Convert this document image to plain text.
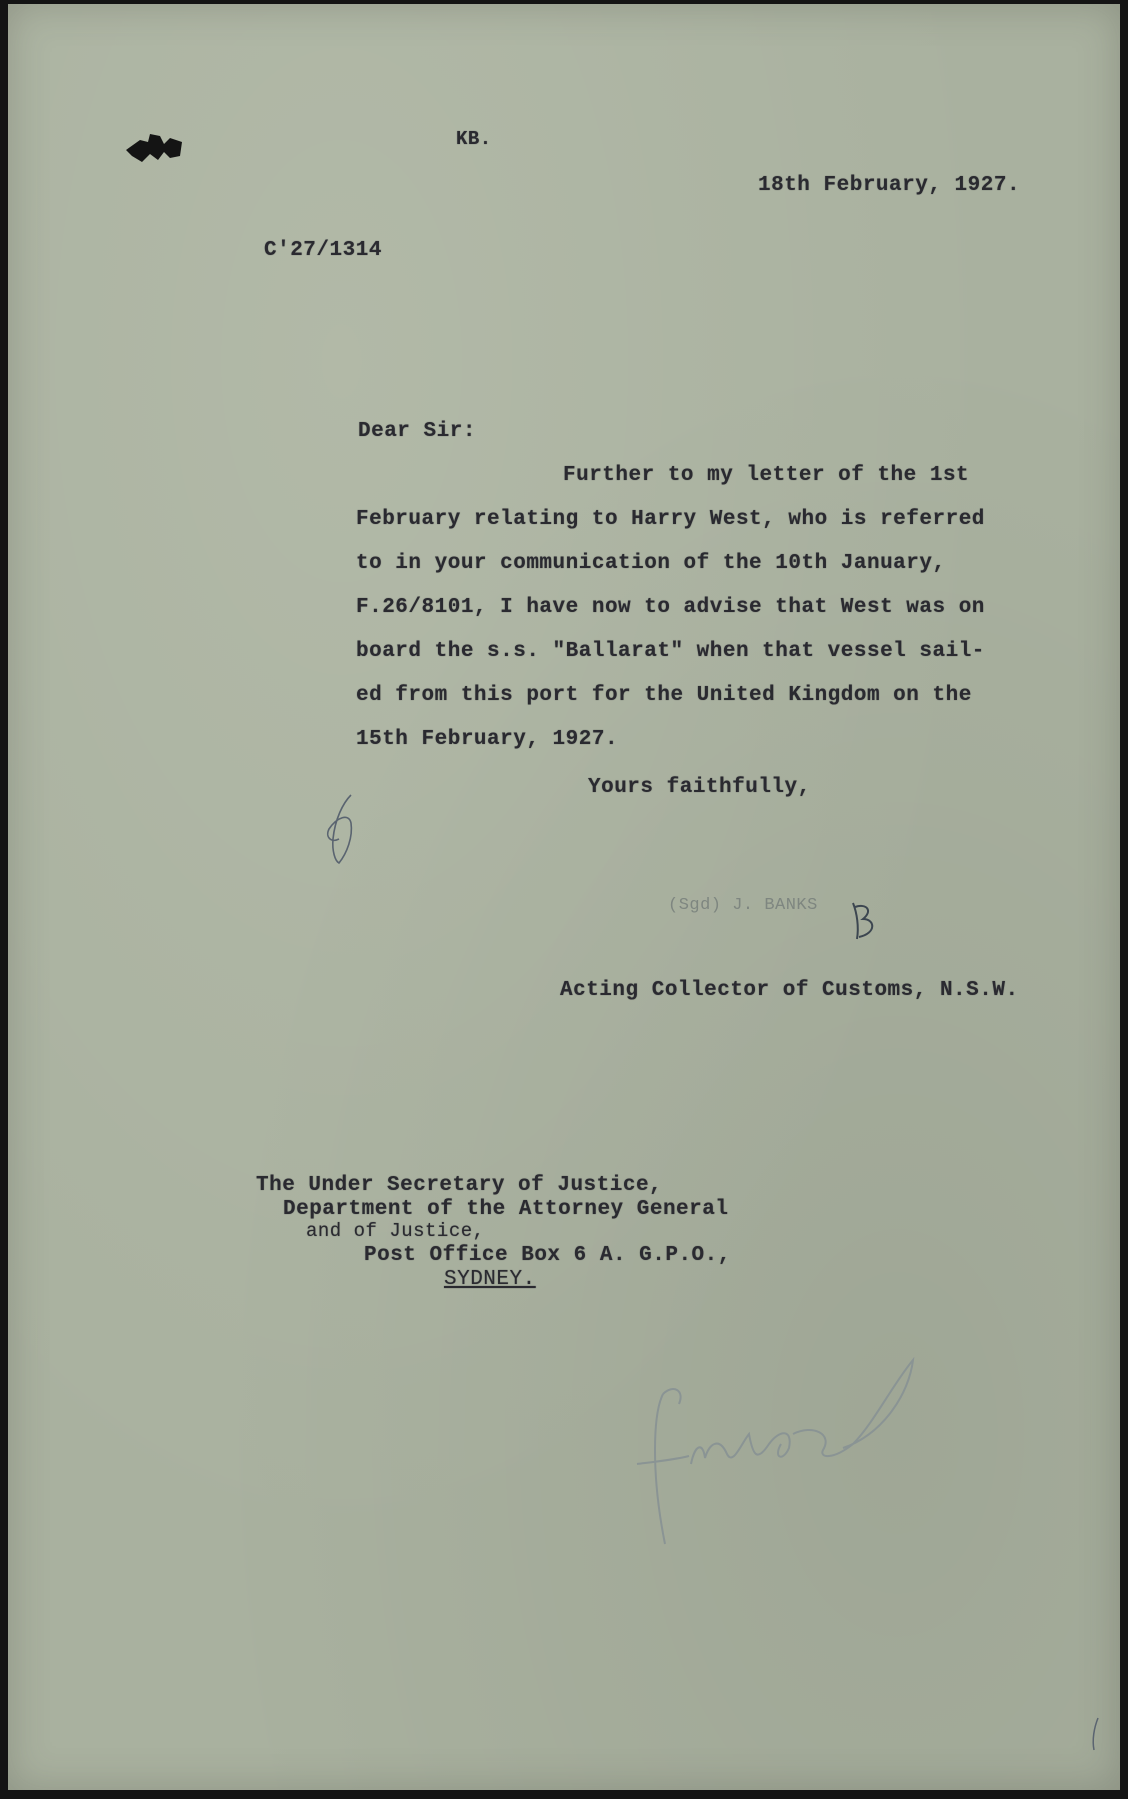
KB.
18th February, 1927.
C'27/1314
Dear Sir:
Further to my letter of the 1st
February relating to Harry West, who is referred
to in your communication of the 10th January,
F.26/8101, I have now to advise that West was on
board the s.s. "Ballarat" when that vessel sail-
ed from this port for the United Kingdom on the
15th February, 1927.
Yours faithfully,
(Sgd) J. BANKS
Acting Collector of Customs, N.S.W.
The Under Secretary of Justice,
Department of the Attorney General
and of Justice,
Post Office Box 6 A. G.P.O.,
SYDNEY.
